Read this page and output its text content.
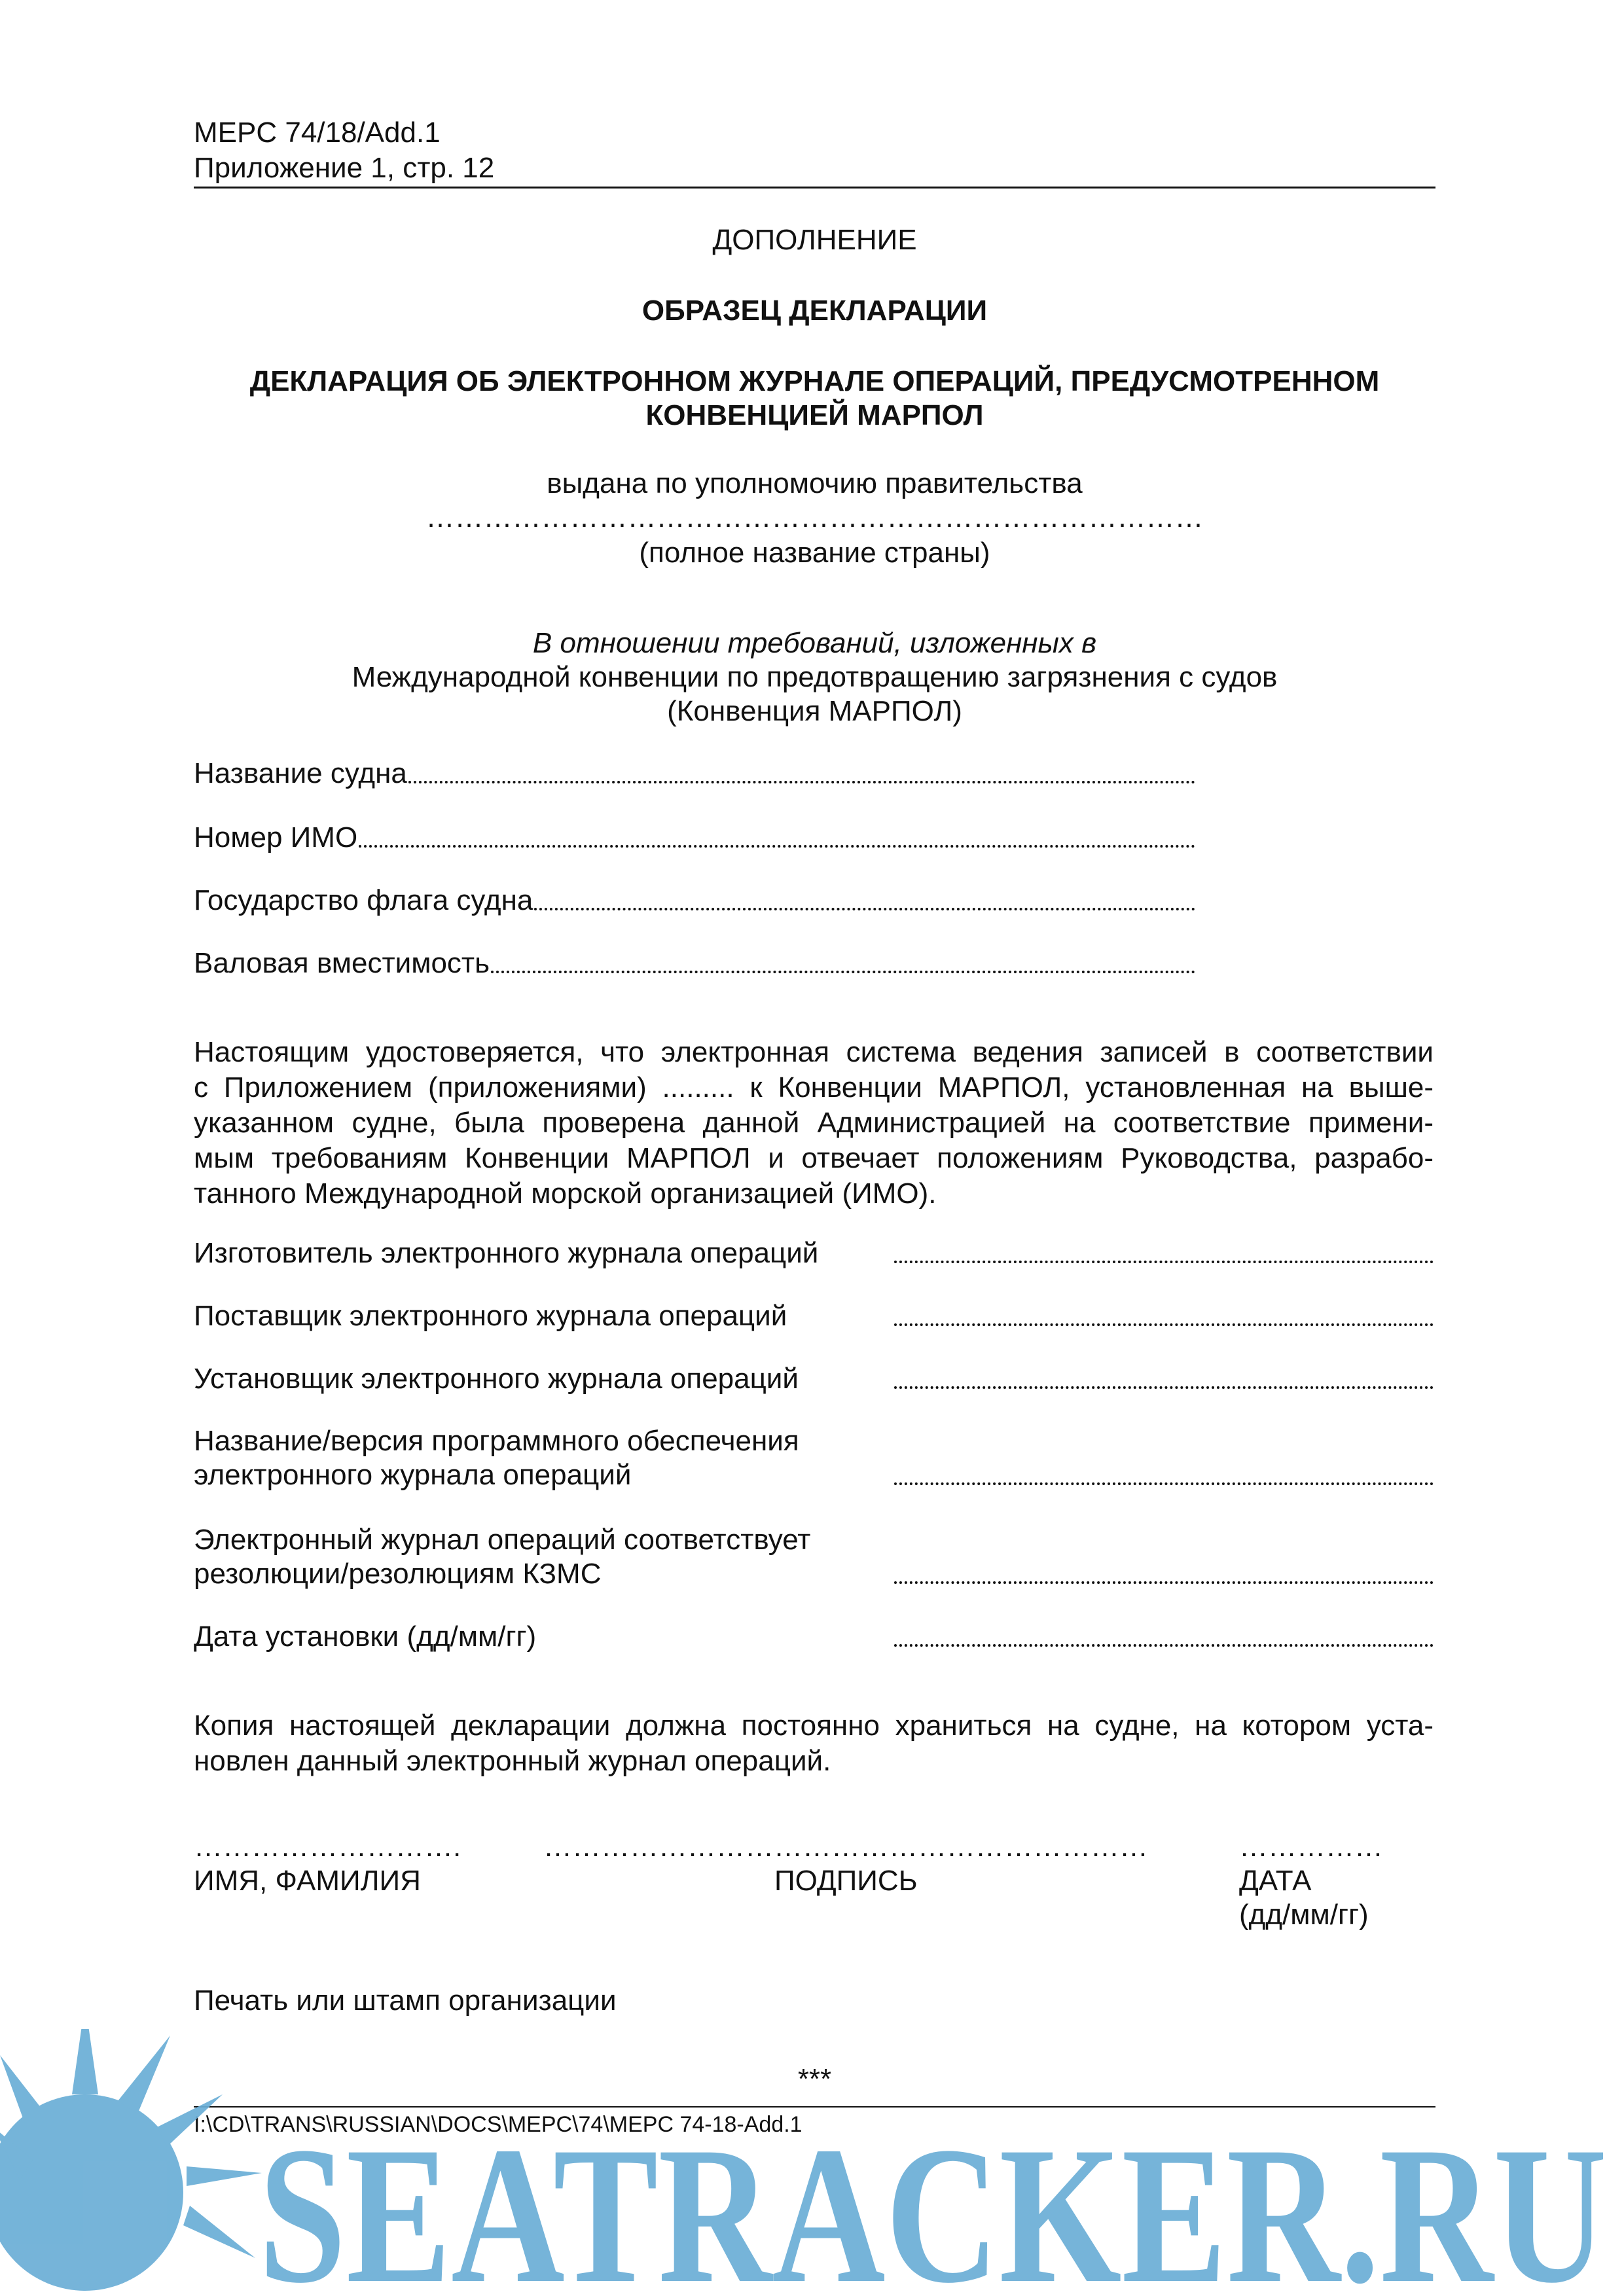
MEPC 74/18/Add.1
Приложение 1, стр. 12
ДОПОЛНЕНИЕ
ОБРАЗЕЦ ДЕКЛАРАЦИИ
ДЕКЛАРАЦИЯ ОБ ЭЛЕКТРОННОМ ЖУРНАЛЕ ОПЕРАЦИЙ, ПРЕДУСМОТРЕННОМ
КОНВЕНЦИЕЙ МАРПОЛ
выдана по уполномочию правительства
………………………………………………………………………
(полное название страны)
В отношении требований, изложенных в
Международной конвенции по предотвращению загрязнения с судов
(Конвенция МАРПОЛ)
Название судна
Номер ИМО
Государство флага судна
Валовая вместимость
Настоящим удостоверяется, что электронная система ведения записей в соответствии
с Приложением (приложениями) ......... к Конвенции МАРПОЛ, установленная на выше-
указанном судне, была проверена данной Администрацией на соответствие примени-
мым требованиям Конвенции МАРПОЛ и отвечает положениям Руководства, разрабо-
танного Международной морской организацией (ИМО).
Изготовитель электронного журнала операций
Поставщик электронного журнала операций
Установщик электронного журнала операций
Название/версия программного обеспечения
электронного журнала операций
Электронный журнал операций соответствует
резолюции/резолюциям КЗМС
Дата установки (дд/мм/гг)
Копия настоящей декларации должна постоянно храниться на судне, на котором уста-
новлен данный электронный журнал операций.
……………………….	………………………………………………………	……………
ИМЯ, ФАМИЛИЯ	ПОДПИСЬ	ДАТА
(дд/мм/гг)
Печать или штамп организации
***
I:\CD\TRANS\RUSSIAN\DOCS\MEPC\74\MEPC 74-18-Add.1
SEATRACKER.RU
